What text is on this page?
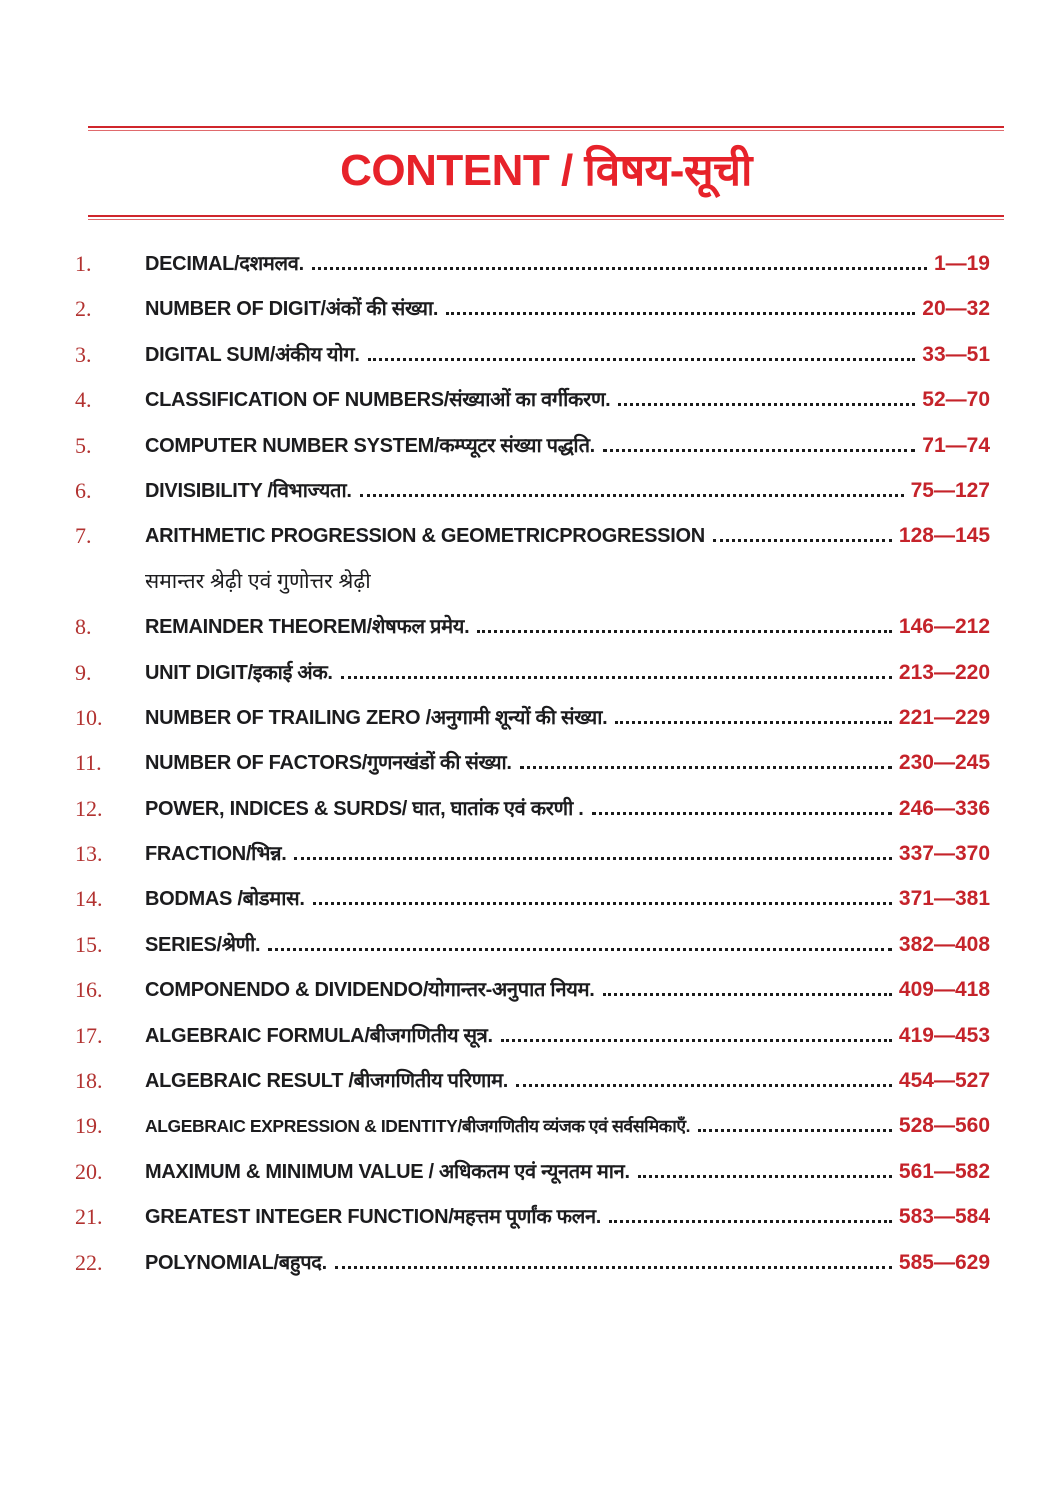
CONTENT / विषय-सूची
1.	DECIMAL/दशमलव.	1—19
2.	NUMBER OF DIGIT/अंकों की संख्या.	20—32
3.	DIGITAL SUM/अंकीय योग.	33—51
4.	CLASSIFICATION OF NUMBERS/संख्याओं का वर्गीकरण.	52—70
5.	COMPUTER NUMBER SYSTEM/कम्प्यूटर संख्या पद्धति.	71—74
6.	DIVISIBILITY /विभाज्यता.	75—127
7.	ARITHMETIC PROGRESSION & GEOMETRICPROGRESSION	128—145
समान्तर श्रेढ़ी एवं गुणोत्तर श्रेढ़ी
8.	REMAINDER THEOREM/शेषफल प्रमेय.	146—212
9.	UNIT DIGIT/इकाई अंक.	213—220
10.	NUMBER OF TRAILING ZERO /अनुगामी शून्यों की संख्या.	221—229
11.	NUMBER OF FACTORS/गुणनखंडों की संख्या.	230—245
12.	POWER, INDICES & SURDS/ घात, घातांक एवं करणी .	246—336
13.	FRACTION/भिन्न.	337—370
14.	BODMAS /बोडमास.	371—381
15.	SERIES/श्रेणी.	382—408
16.	COMPONENDO & DIVIDENDO/योगान्तर-अनुपात नियम.	409—418
17.	ALGEBRAIC FORMULA/बीजगणितीय सूत्र.	419—453
18.	ALGEBRAIC RESULT /बीजगणितीय परिणाम.	454—527
19.	ALGEBRAIC EXPRESSION & IDENTITY/बीजगणितीय व्यंजक एवं सर्वसमिकाएँ.	528—560
20.	MAXIMUM & MINIMUM VALUE / अधिकतम एवं न्यूनतम मान.	561—582
21.	GREATEST INTEGER FUNCTION/महत्तम पूर्णांक फलन.	583—584
22.	POLYNOMIAL/बहुपद.	585—629
